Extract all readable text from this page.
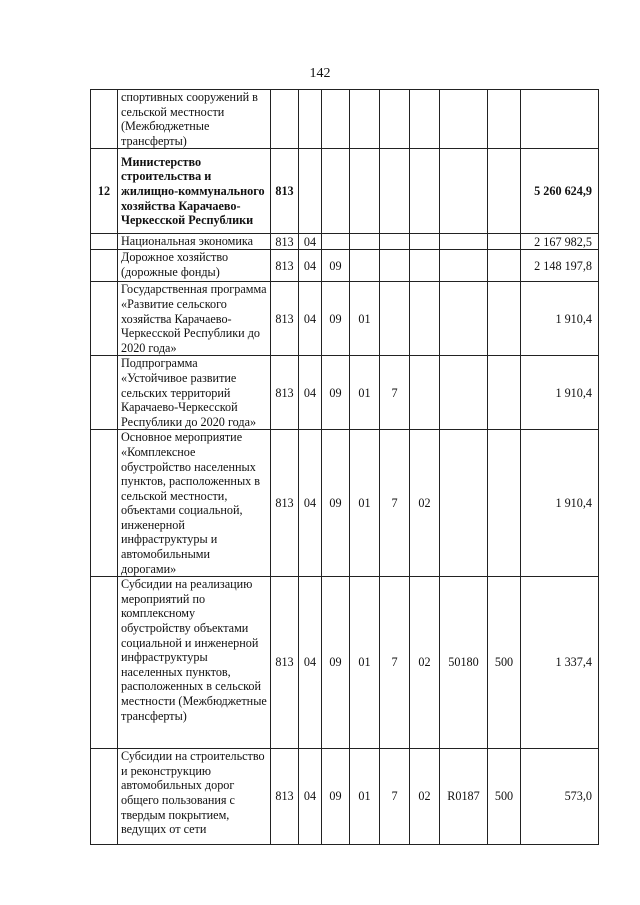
142
	спортивных сооружений в сельской местности (Межбюджетные трансферты)									
12	Министерство строительства и жилищно-коммунального хозяйства Карачаево-Черкесской Республики	813								5 260 624,9
	Национальная экономика	813	04							2 167 982,5
	Дорожное хозяйство (дорожные фонды)	813	04	09						2 148 197,8
	Государственная программа «Развитие сельского хозяйства Карачаево-Черкесской Республики до 2020 года»	813	04	09	01					1 910,4
	Подпрограмма «Устойчивое развитие сельских территорий Карачаево-Черкесской Республики до 2020 года»	813	04	09	01	7				1 910,4
	Основное мероприятие «Комплексное обустройство населенных пунктов, расположенных в сельской местности, объектами социальной, инженерной инфраструктуры и автомобильными дорогами»	813	04	09	01	7	02			1 910,4
	Субсидии на реализацию мероприятий по комплексному обустройству объектами социальной и инженерной инфраструктуры населенных пунктов, расположенных в сельской местности (Межбюджетные трансферты)	813	04	09	01	7	02	50180	500	1 337,4
	Субсидии на строительство и реконструкцию автомобильных дорог общего пользования с твердым покрытием, ведущих от сети	813	04	09	01	7	02	R0187	500	573,0
